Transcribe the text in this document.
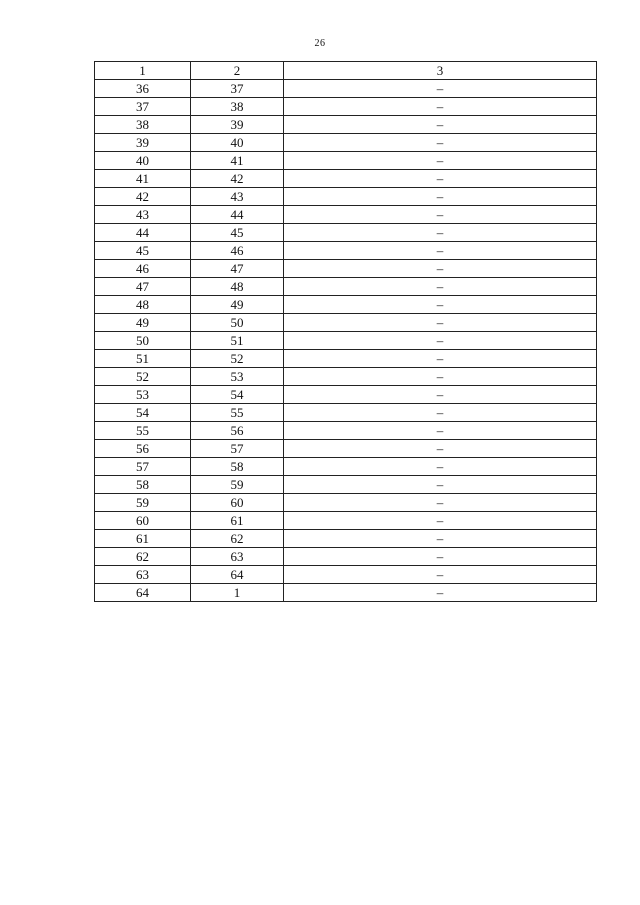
26
1	2	3
36	37	–
37	38	–
38	39	–
39	40	–
40	41	–
41	42	–
42	43	–
43	44	–
44	45	–
45	46	–
46	47	–
47	48	–
48	49	–
49	50	–
50	51	–
51	52	–
52	53	–
53	54	–
54	55	–
55	56	–
56	57	–
57	58	–
58	59	–
59	60	–
60	61	–
61	62	–
62	63	–
63	64	–
64	1	–
